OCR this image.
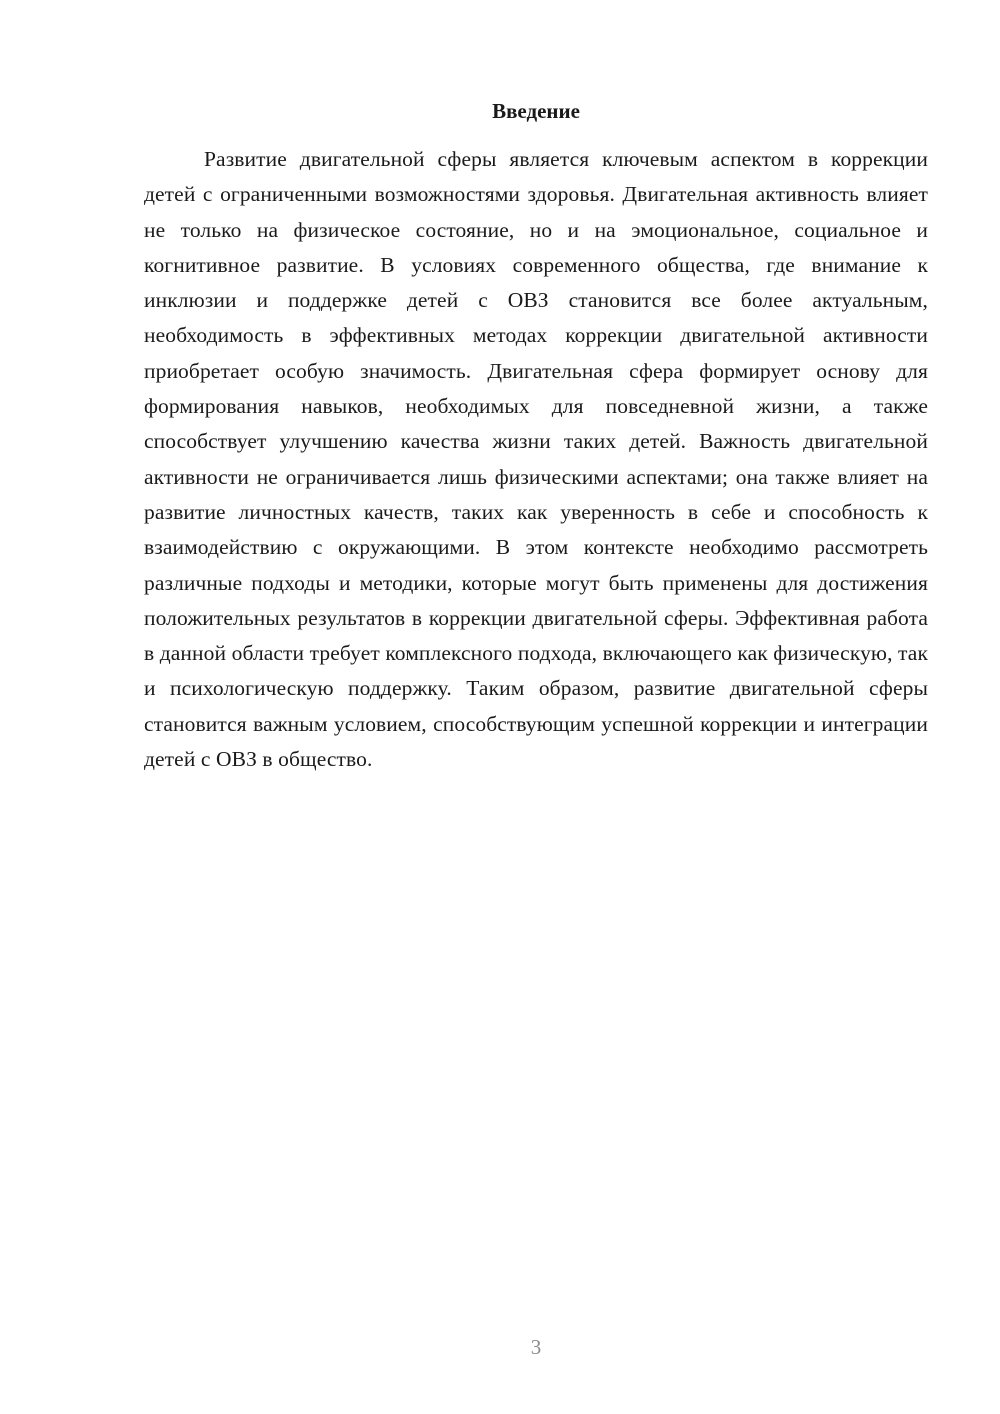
Введение

Развитие двигательной сферы является ключевым аспектом в коррекции детей с ограниченными возможностями здоровья. Двигательная активность влияет не только на физическое состояние, но и на эмоциональное, социальное и когнитивное развитие. В условиях современного общества, где внимание к инклюзии и поддержке детей с ОВЗ становится все более актуальным, необходимость в эффективных методах коррекции двигательной активности приобретает особую значимость. Двигательная сфера формирует основу для формирования навыков, необходимых для повседневной жизни, а также способствует улучшению качества жизни таких детей. Важность двигательной активности не ограничивается лишь физическими аспектами; она также влияет на развитие личностных качеств, таких как уверенность в себе и способность к взаимодействию с окружающими. В этом контексте необходимо рассмотреть различные подходы и методики, которые могут быть применены для достижения положительных результатов в коррекции двигательной сферы. Эффективная работа в данной области требует комплексного подхода, включающего как физическую, так и психологическую поддержку. Таким образом, развитие двигательной сферы становится важным условием, способствующим успешной коррекции и интеграции детей с ОВЗ в общество.

3
